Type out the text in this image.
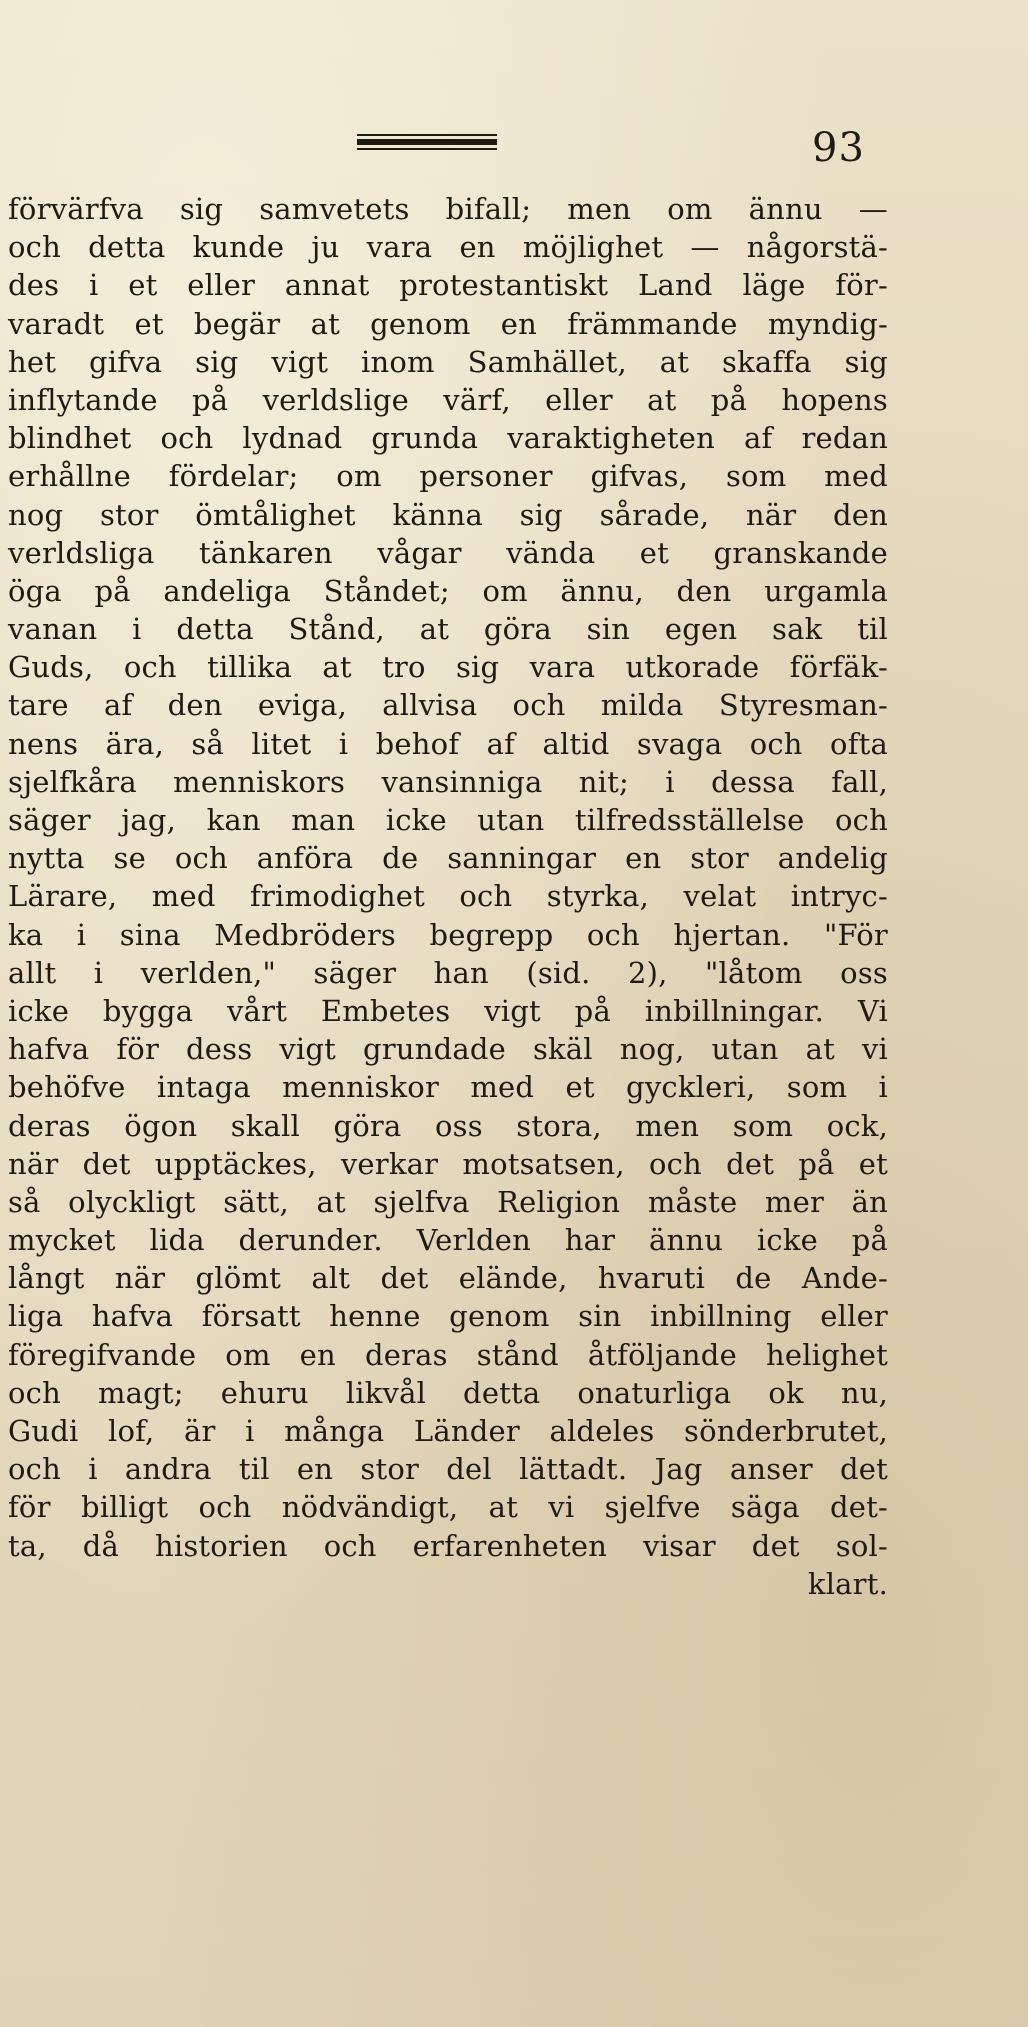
93
förvärfva sig samvetets bifall; men om ännu —
och detta kunde ju vara en möjlighet — någorstä-
des i et eller annat protestantiskt Land läge för-
varadt et begär at genom en främmande myndig-
het gifva sig vigt inom Samhället, at skaffa sig
inflytande på verldslige värf, eller at på hopens
blindhet och lydnad grunda varaktigheten af redan
erhållne fördelar; om personer gifvas, som med
nog stor ömtålighet känna sig sårade, när den
verldsliga tänkaren vågar vända et granskande
öga på andeliga Ståndet; om ännu, den urgamla
vanan i detta Stånd, at göra sin egen sak til
Guds, och tillika at tro sig vara utkorade förfäk-
tare af den eviga, allvisa och milda Styresman-
nens ära, så litet i behof af altid svaga och ofta
sjelfkåra menniskors vansinniga nit; i dessa fall,
säger jag, kan man icke utan tilfredsställelse och
nytta se och anföra de sanningar en stor andelig
Lärare, med frimodighet och styrka, velat intryc-
ka i sina Medbröders begrepp och hjertan. "För
allt i verlden," säger han (sid. 2), "låtom oss
icke bygga vårt Embetes vigt på inbillningar. Vi
hafva för dess vigt grundade skäl nog, utan at vi
behöfve intaga menniskor med et gyckleri, som i
deras ögon skall göra oss stora, men som ock,
när det upptäckes, verkar motsatsen, och det på et
så olyckligt sätt, at sjelfva Religion måste mer än
mycket lida derunder. Verlden har ännu icke på
långt när glömt alt det elände, hvaruti de Ande-
liga hafva försatt henne genom sin inbillning eller
föregifvande om en deras stånd åtföljande helighet
och magt; ehuru likvål detta onaturliga ok nu,
Gudi lof, är i många Länder aldeles sönderbrutet,
och i andra til en stor del lättadt. Jag anser det
för billigt och nödvändigt, at vi sjelfve säga det-
ta, då historien och erfarenheten visar det sol-
klart.
